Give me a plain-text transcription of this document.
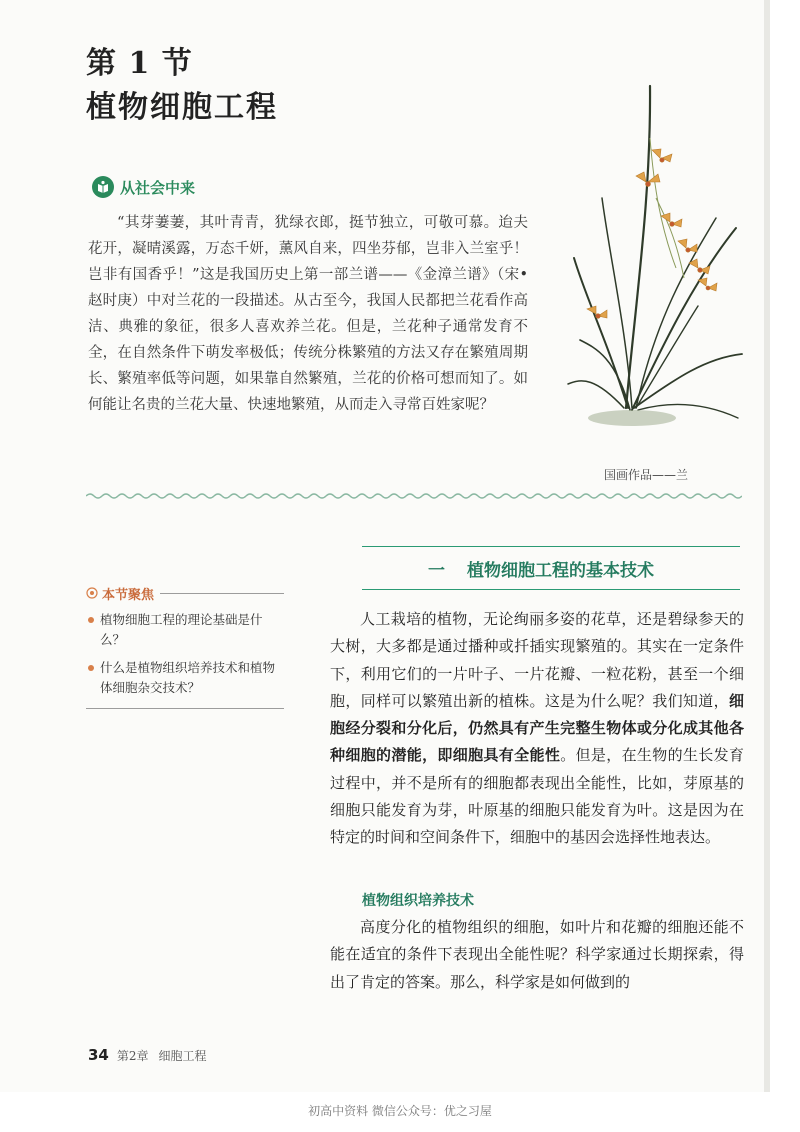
第 1 节
植物细胞工程
从社会中来
“其芽萋萋，其叶青青，犹绿衣郎，挺节独立，可敬可慕。迨夫花开，凝晴溪露，万态千妍，薰风自来，四坐芬郁，岂非入兰室乎！岂非有国香乎！”这是我国历史上第一部兰谱——《金漳兰谱》（宋•赵时庚）中对兰花的一段描述。从古至今，我国人民都把兰花看作高洁、典雅的象征，很多人喜欢养兰花。但是，兰花种子通常发育不全，在自然条件下萌发率极低；传统分株繁殖的方法又存在繁殖周期长、繁殖率低等问题，如果靠自然繁殖，兰花的价格可想而知了。如何能让名贵的兰花大量、快速地繁殖，从而走入寻常百姓家呢？
国画作品——兰
本节聚焦
植物细胞工程的理论基础是什么？
什么是植物组织培养技术和植物体细胞杂交技术？
一 植物细胞工程的基本技术
人工栽培的植物，无论绚丽多姿的花草，还是碧绿参天的大树，大多都是通过播种或扦插实现繁殖的。其实在一定条件下，利用它们的一片叶子、一片花瓣、一粒花粉，甚至一个细胞，同样可以繁殖出新的植株。这是为什么呢？我们知道，细胞经分裂和分化后，仍然具有产生完整生物体或分化成其他各种细胞的潜能，即细胞具有全能性。但是，在生物的生长发育过程中，并不是所有的细胞都表现出全能性，比如，芽原基的细胞只能发育为芽，叶原基的细胞只能发育为叶。这是因为在特定的时间和空间条件下，细胞中的基因会选择性地表达。
植物组织培养技术
高度分化的植物组织的细胞，如叶片和花瓣的细胞还能不能在适宜的条件下表现出全能性呢？科学家通过长期探索，得出了肯定的答案。那么，科学家是如何做到的
34 第2章 细胞工程
初高中资料 微信公众号：优之习屋
